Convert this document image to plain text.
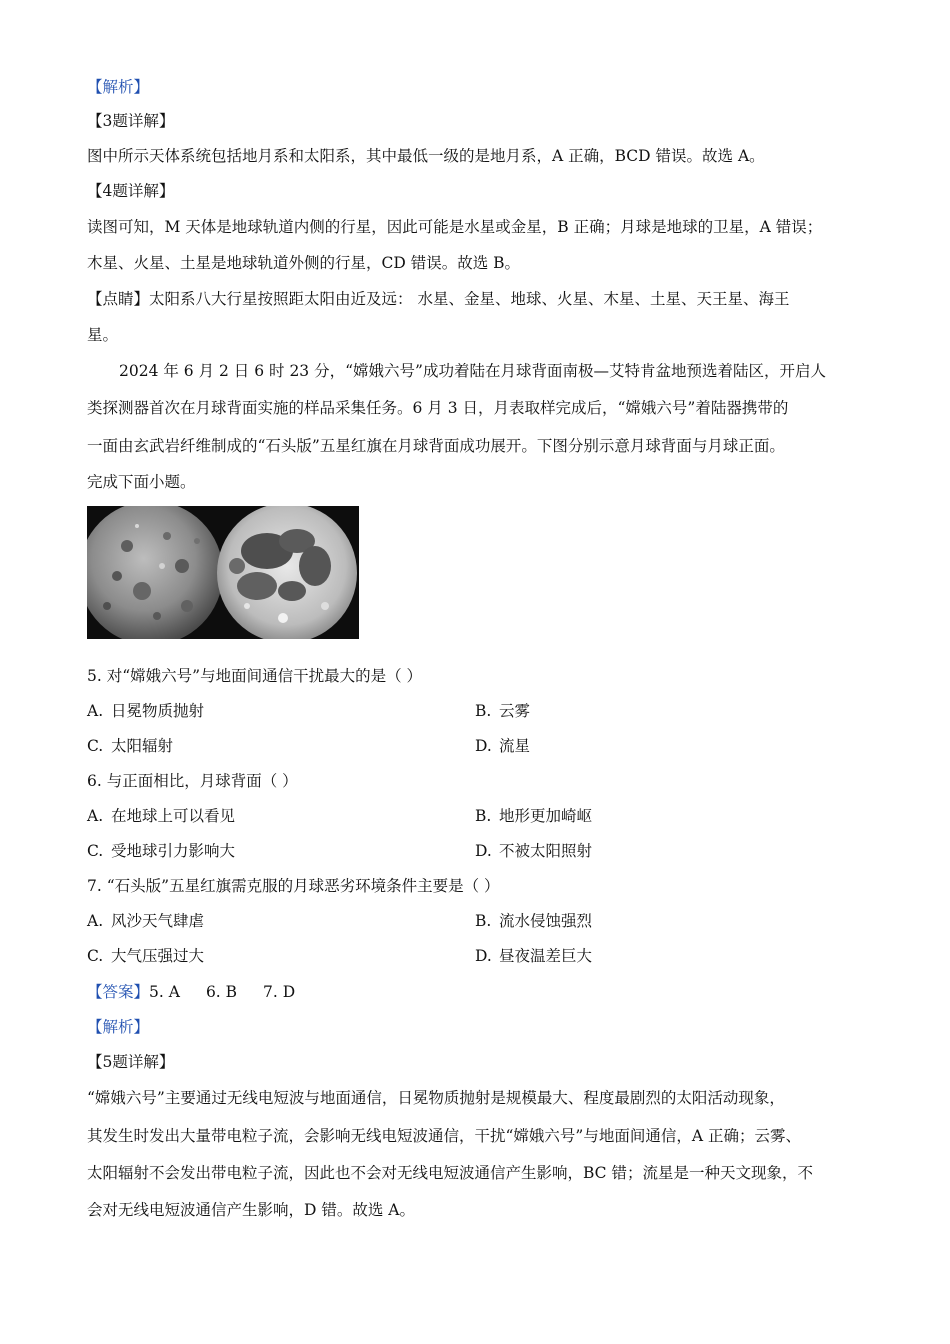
【解析】
【3题详解】
图中所示天体系统包括地月系和太阳系，其中最低一级的是地月系，A 正确，BCD 错误。故选 A。
【4题详解】
读图可知，M 天体是地球轨道内侧的行星，因此可能是水星或金星，B 正确；月球是地球的卫星，A 错误；
木星、火星、土星是地球轨道外侧的行星，CD 错误。故选 B。
【点睛】太阳系八大行星按照距太阳由近及远： 水星、金星、地球、火星、木星、土星、天王星、海王
星。
2024 年 6 月 2 日 6 时 23 分，“嫦娥六号”成功着陆在月球背面南极—艾特肯盆地预选着陆区，开启人
类探测器首次在月球背面实施的样品采集任务。6 月 3 日，月表取样完成后，“嫦娥六号”着陆器携带的
一面由玄武岩纤维制成的“石头版”五星红旗在月球背面成功展开。下图分别示意月球背面与月球正面。
完成下面小题。
5. 对“嫦娥六号”与地面间通信干扰最大的是（ ）
A. 日冕物质抛射	B. 云雾
C. 太阳辐射	D. 流星
6. 与正面相比，月球背面（ ）
A. 在地球上可以看见	B. 地形更加崎岖
C. 受地球引力影响大	D. 不被太阳照射
7. “石头版”五星红旗需克服的月球恶劣环境条件主要是（ ）
A. 风沙天气肆虐	B. 流水侵蚀强烈
C. 大气压强过大	D. 昼夜温差巨大
【答案】5. A 6. B 7. D
【解析】
【5题详解】
“嫦娥六号”主要通过无线电短波与地面通信，日冕物质抛射是规模最大、程度最剧烈的太阳活动现象，
其发生时发出大量带电粒子流，会影响无线电短波通信，干扰“嫦娥六号”与地面间通信，A 正确；云雾、
太阳辐射不会发出带电粒子流，因此也不会对无线电短波通信产生影响，BC 错；流星是一种天文现象，不
会对无线电短波通信产生影响，D 错。故选 A。
